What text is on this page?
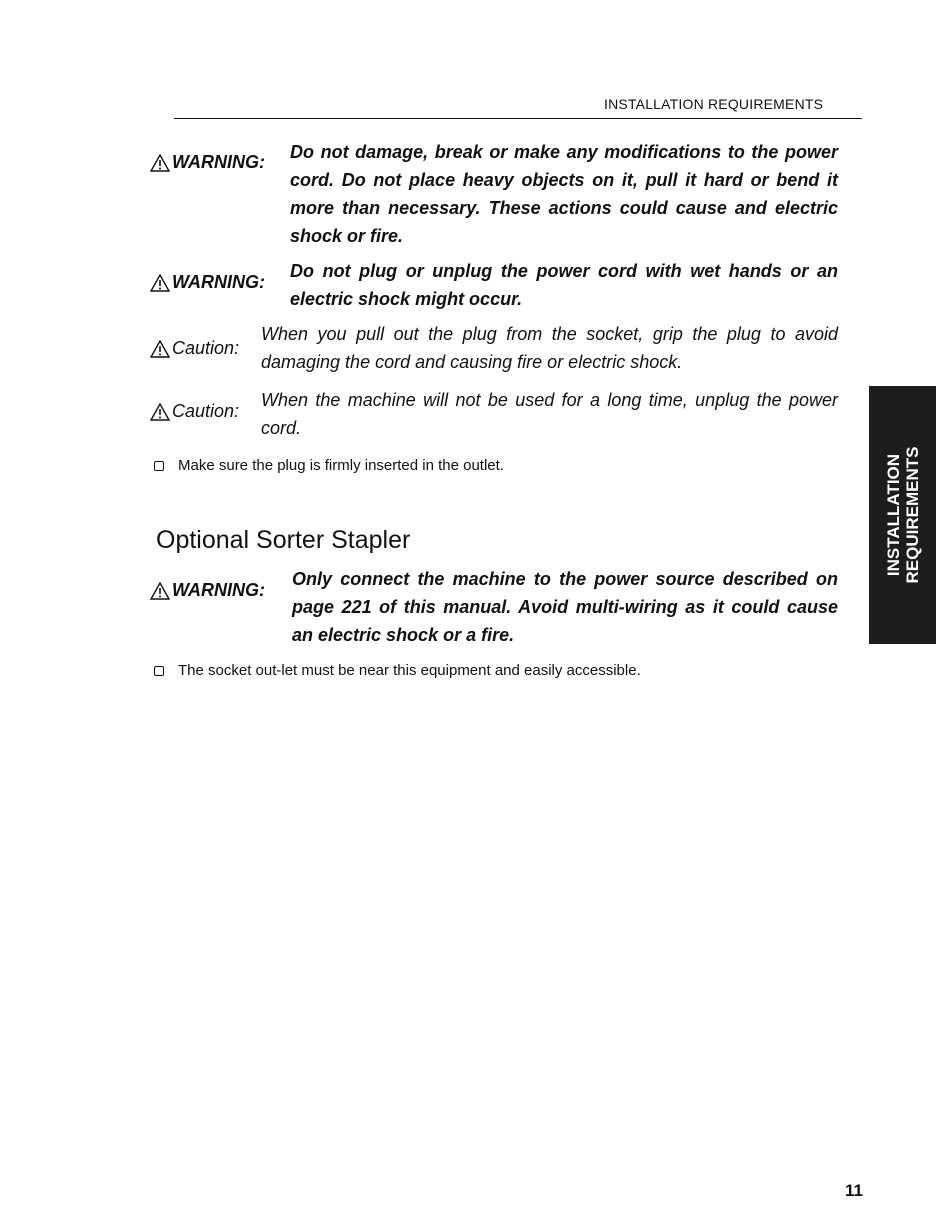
INSTALLATION REQUIREMENTS
WARNING: Do not damage, break or make any modifications to the power cord. Do not place heavy objects on it, pull it hard or bend it more than necessary. These actions could cause and electric shock or fire.
WARNING:
Do not plug or unplug the power cord with wet hands or an electric shock might occur.
Caution:
When you pull out the plug from the socket, grip the plug to avoid damaging the cord and causing fire or electric shock.
Caution:
When the machine will not be used for a long time, unplug the power cord.
Make sure the plug is firmly inserted in the outlet.
Optional Sorter Stapler
WARNING:
Only connect the machine to the power source described on page 221 of this manual. Avoid multi-wiring as it could cause an electric shock or a fire.
The socket out-let must be near this equipment and easily accessible.
INSTALLATION REQUIREMENTS
11
